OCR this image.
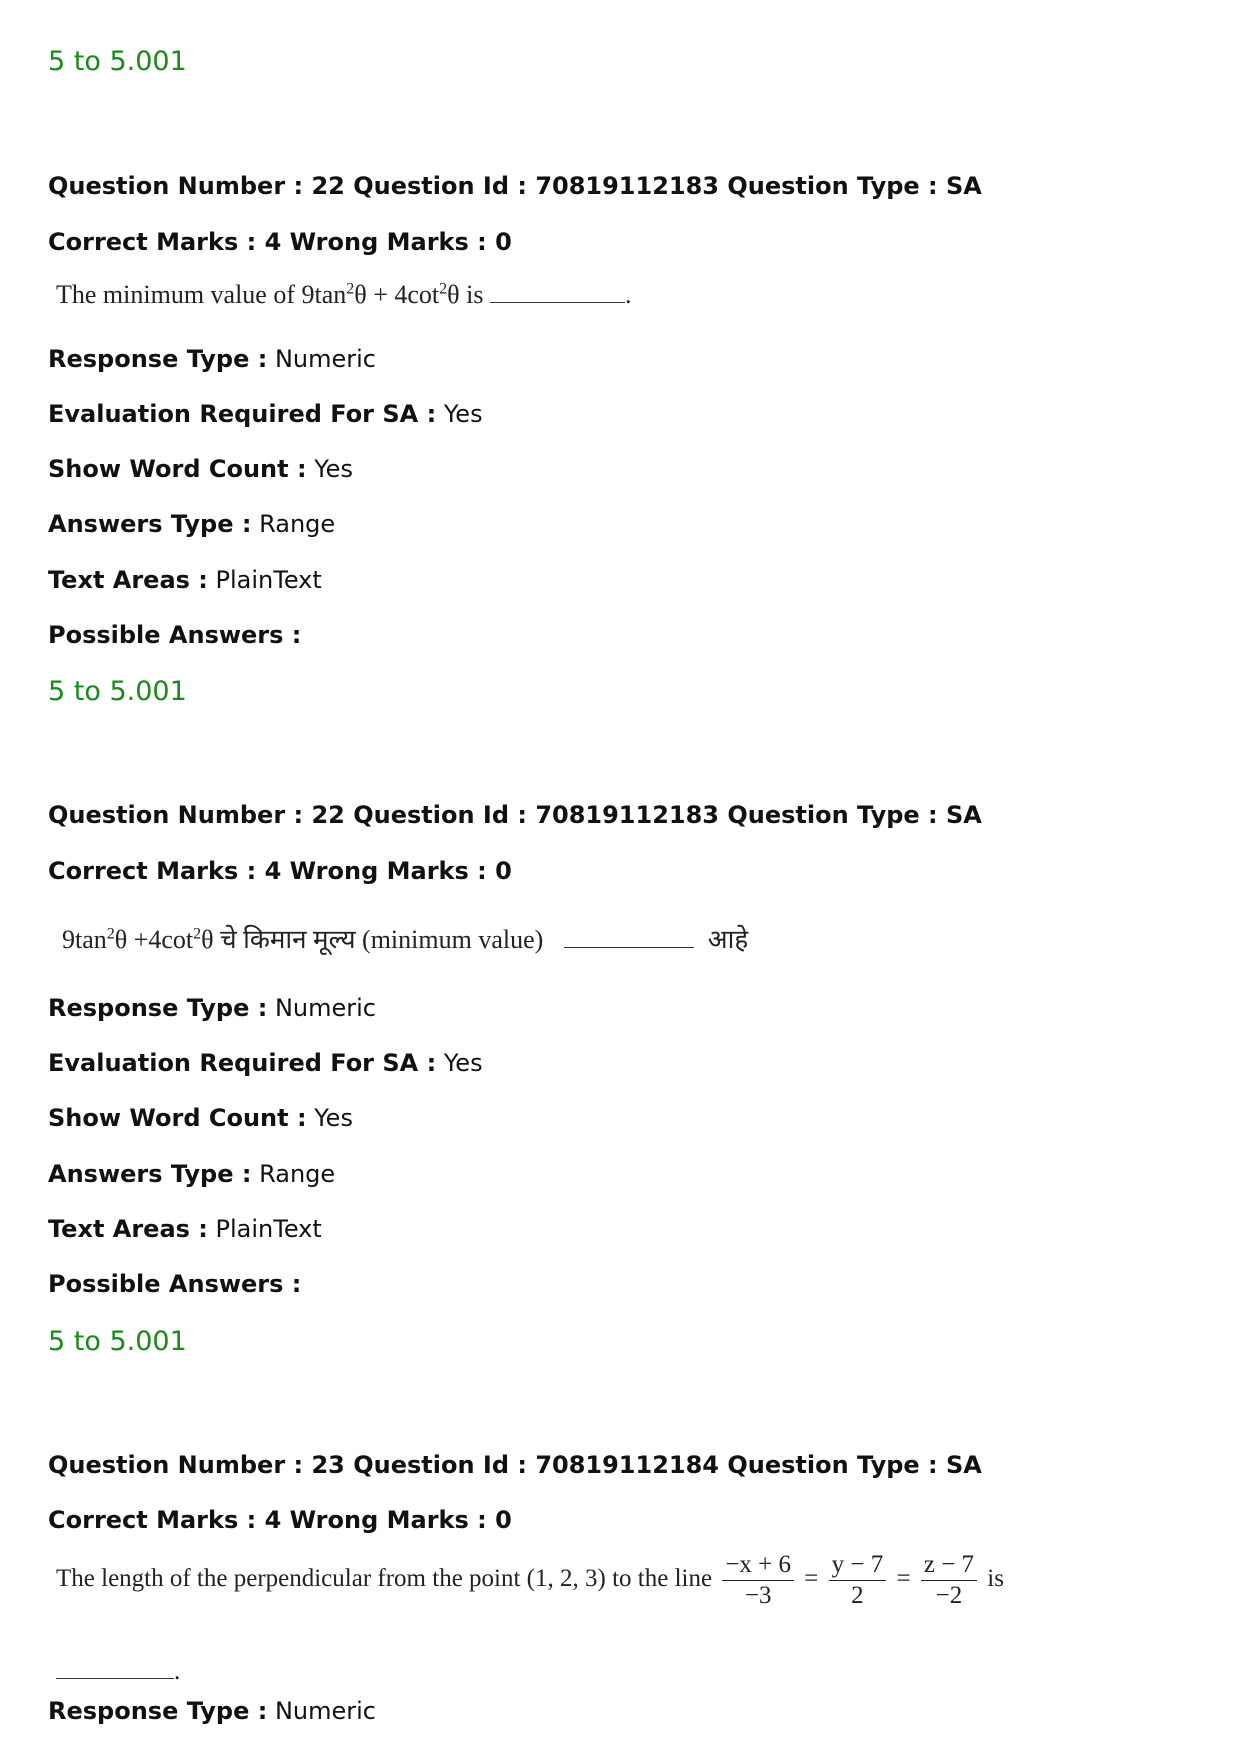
5 to 5.001
Question Number : 22 Question Id : 70819112183 Question Type : SA
Correct Marks : 4 Wrong Marks : 0
The minimum value of $9\tan^2\theta + 4\cot^2\theta$ is	.
Response Type : Numeric
Evaluation Required For SA : Yes
Show Word Count : Yes
Answers Type : Range
Text Areas : PlainText
Possible Answers :
5 to 5.001
Question Number : 22 Question Id : 70819112183 Question Type : SA
Correct Marks : 4 Wrong Marks : 0
$9\tan^2\theta +4\cot^2\theta$ चे किमान मूल्य (minimum value)	आहे
Response Type : Numeric
Evaluation Required For SA : Yes
Show Word Count : Yes
Answers Type : Range
Text Areas : PlainText
Possible Answers :
5 to 5.001
Question Number : 23 Question Id : 70819112184 Question Type : SA
Correct Marks : 4 Wrong Marks : 0
The length of the perpendicular from the point (1, 2, 3) to the line $\frac{-x + 6}{-3} = \frac{y - 7}{2} = \frac{z - 7}{-2}$ is
.
Response Type : Numeric
